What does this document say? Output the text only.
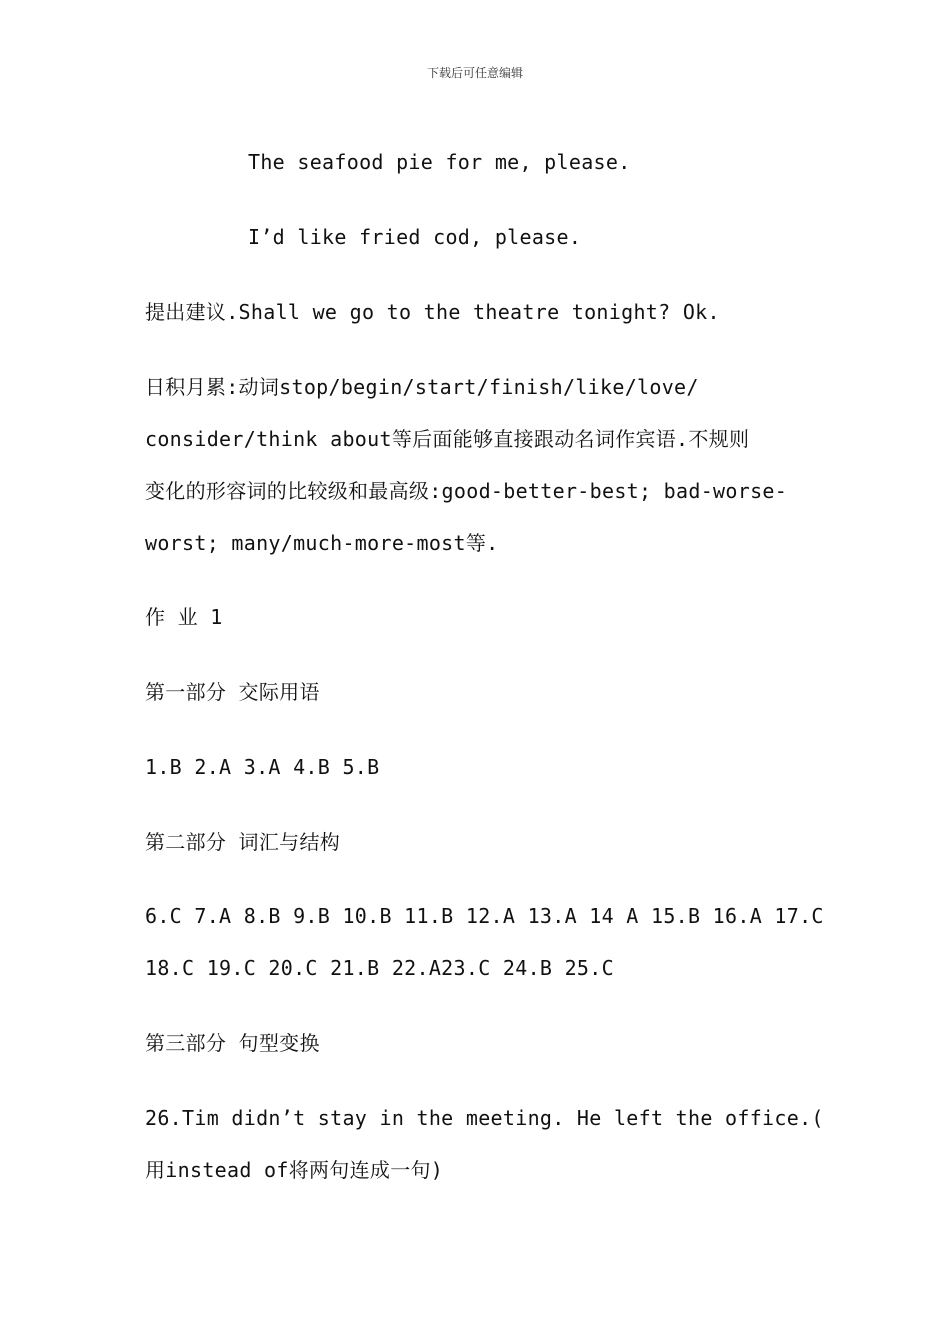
下载后可任意编辑
The seafood pie for me, please.
I’d like fried cod, please.
提出建议.Shall we go to the theatre tonight? Ok.
日积月累:动词stop/begin/start/finish/like/love/
consider/think about等后面能够直接跟动名词作宾语.不规则
变化的形容词的比较级和最高级:good-better-best; bad-worse-
worst; many/much-more-most等.
作 业 1
第一部分 交际用语
1.B 2.A 3.A 4.B 5.B
第二部分 词汇与结构
6.C 7.A 8.B 9.B 10.B 11.B 12.A 13.A 14 A 15.B 16.A 17.C
18.C 19.C 20.C 21.B 22.A23.C 24.B 25.C
第三部分 句型变换
26.Tim didn’t stay in the meeting. He left the office.(
用instead of将两句连成一句)
